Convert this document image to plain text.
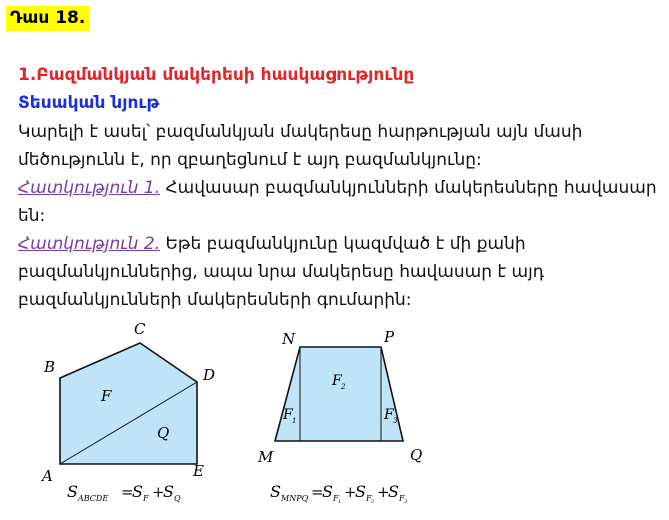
Դաս 18.
1.Բազմանկյան մակերեսի հասկացությունը
Տեսական նյութ
Կարելի է ասել՝ բազմանկյան մակերեսը հարթության այն մասի
մեծությունն է, որ զբաղեցնում է այդ բազմանկյունը:
Հատկություն 1. Հավասար բազմանկյունների մակերեսները հավասար
են:
Հատկություն 2. Եթե բազմանկյունը կազմված է մի քանի
բազմանկյուններից, ապա նրա մակերեսը հավասար է այդ
բազմանկյունների մակերեսների գումարին:
B
C
D
A	E
F
Q
S ABCDE =
S F +
S Q
N	P
M	Q
F 1
F 2
F 3
S MNPQ =
S F 1
+
S F 2
+
S F 3
